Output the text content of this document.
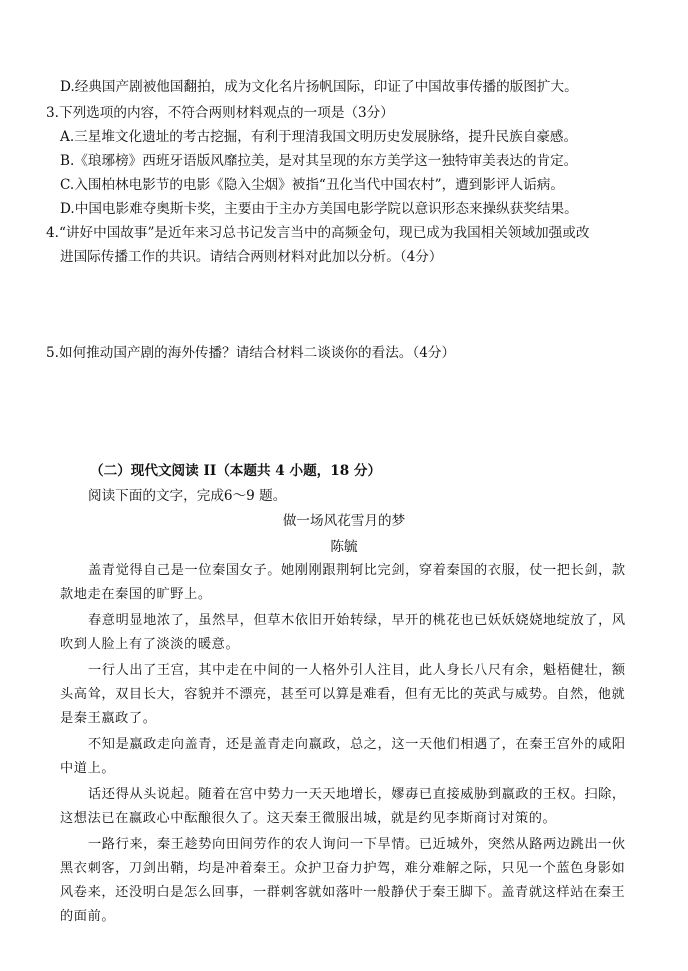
D.经典国产剧被他国翻拍，成为文化名片扬帆国际，印证了中国故事传播的版图扩大。
3.下列选项的内容，不符合两则材料观点的一项是（3分）
A.三星堆文化遗址的考古挖掘，有利于理清我国文明历史发展脉络，提升民族自豪感。
B.《琅琊榜》西班牙语版风靡拉美，是对其呈现的东方美学这一独特审美表达的肯定。
C.入围柏林电影节的电影《隐入尘烟》被指“丑化当代中国农村”，遭到影评人诟病。
D.中国电影难夺奥斯卡奖，主要由于主办方美国电影学院以意识形态来操纵获奖结果。
4.“讲好中国故事”是近年来习总书记发言当中的高频金句，现已成为我国相关领域加强或改
进国际传播工作的共识。请结合两则材料对此加以分析。（4分）
5.如何推动国产剧的海外传播？请结合材料二谈谈你的看法。（4分）
（二）现代文阅读 II（本题共 4 小题，18 分）
阅读下面的文字，完成6～9 题。
做一场风花雪月的梦
陈毓
盖青觉得自己是一位秦国女子。她刚刚跟荆轲比完剑，穿着秦国的衣服，仗一把长剑，款
款地走在秦国的旷野上。
春意明显地浓了，虽然早，但草木依旧开始转绿，早开的桃花也已妖妖娆娆地绽放了，风
吹到人脸上有了淡淡的暖意。
一行人出了王宫，其中走在中间的一人格外引人注目，此人身长八尺有余，魁梧健壮，额
头高耸，双目长大，容貌并不漂亮，甚至可以算是难看，但有无比的英武与威势。自然，他就
是秦王嬴政了。
不知是嬴政走向盖青，还是盖青走向嬴政，总之，这一天他们相遇了，在秦王宫外的咸阳
中道上。
话还得从头说起。随着在宫中势力一天天地增长，嫪毐已直接威胁到嬴政的王权。扫除，
这想法已在嬴政心中酝酿很久了。这天秦王微服出城，就是约见李斯商讨对策的。
一路行来，秦王趁势向田间劳作的农人询问一下旱情。已近城外，突然从路两边跳出一伙
黑衣刺客，刀剑出鞘，均是冲着秦王。众护卫奋力护驾，难分难解之际，只见一个蓝色身影如
风卷来，还没明白是怎么回事，一群刺客就如落叶一般静伏于秦王脚下。盖青就这样站在秦王
的面前。
